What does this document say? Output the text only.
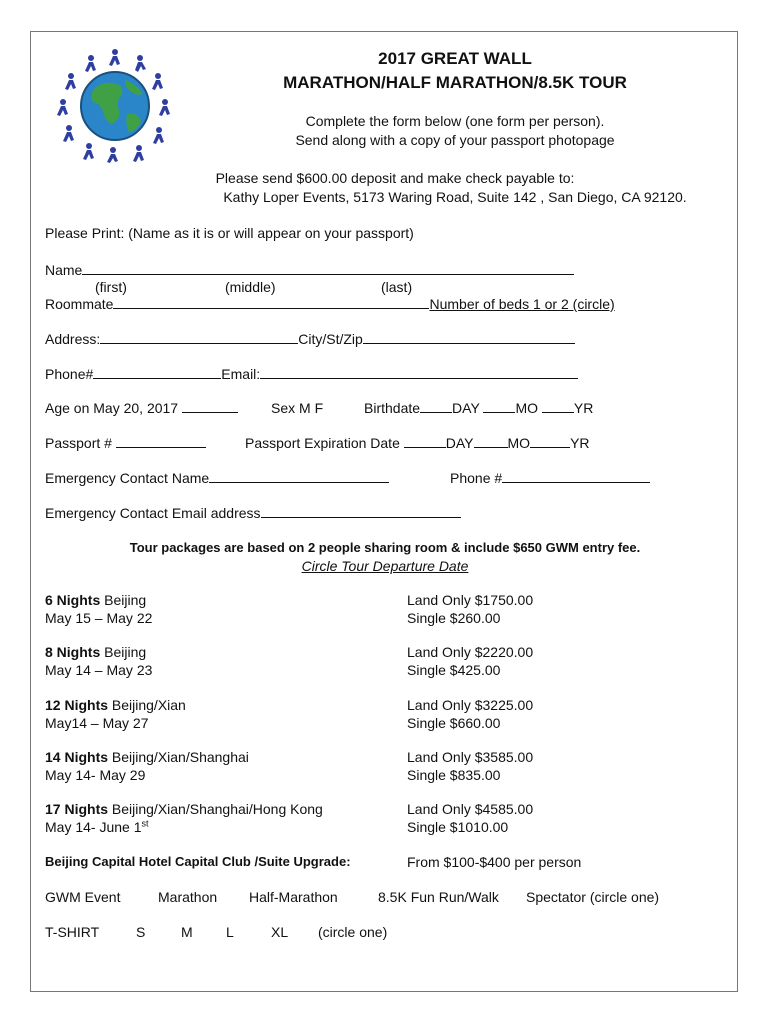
2017 GREAT WALL
MARATHON/HALF MARATHON/8.5K TOUR
Complete the form below (one form per person).
Send along with a copy of your passport photopage
Please send $600.00 deposit and make check payable to:
Kathy Loper Events, 5173 Waring Road, Suite 142 , San Diego, CA 92120.
Please Print: (Name as it is or will appear on your passport)
Name
(first)	(middle)	(last)
Roommate	Number of beds 1 or 2 (circle)
Address:	City/St/Zip
Phone#	Email:
Age on May 20, 2017	Sex M F	Birthdate DAY	MO	YR
Passport #	Passport Expiration Date	DAY MO	YR
Emergency Contact Name	Phone #
Emergency Contact Email address
Tour packages are based on 2 people sharing room & include $650 GWM entry fee.
Circle Tour Departure Date
6 Nights Beijing
May 15 – May 22
Land Only $1750.00
Single $260.00
8 Nights Beijing
May 14 – May 23
Land Only $2220.00
Single $425.00
12 Nights Beijing/Xian
May14 – May 27
Land Only $3225.00
Single $660.00
14 Nights Beijing/Xian/Shanghai
May 14- May 29
Land Only $3585.00
Single $835.00
17 Nights Beijing/Xian/Shanghai/Hong Kong
May 14- June 1st
Land Only $4585.00
Single $1010.00
Beijing Capital Hotel Capital Club /Suite Upgrade:	From $100-$400 per person
GWM Event	Marathon Half-Marathon	8.5K Fun Run/Walk Spectator (circle one)
T-SHIRT	S	M L	XL (circle one)
